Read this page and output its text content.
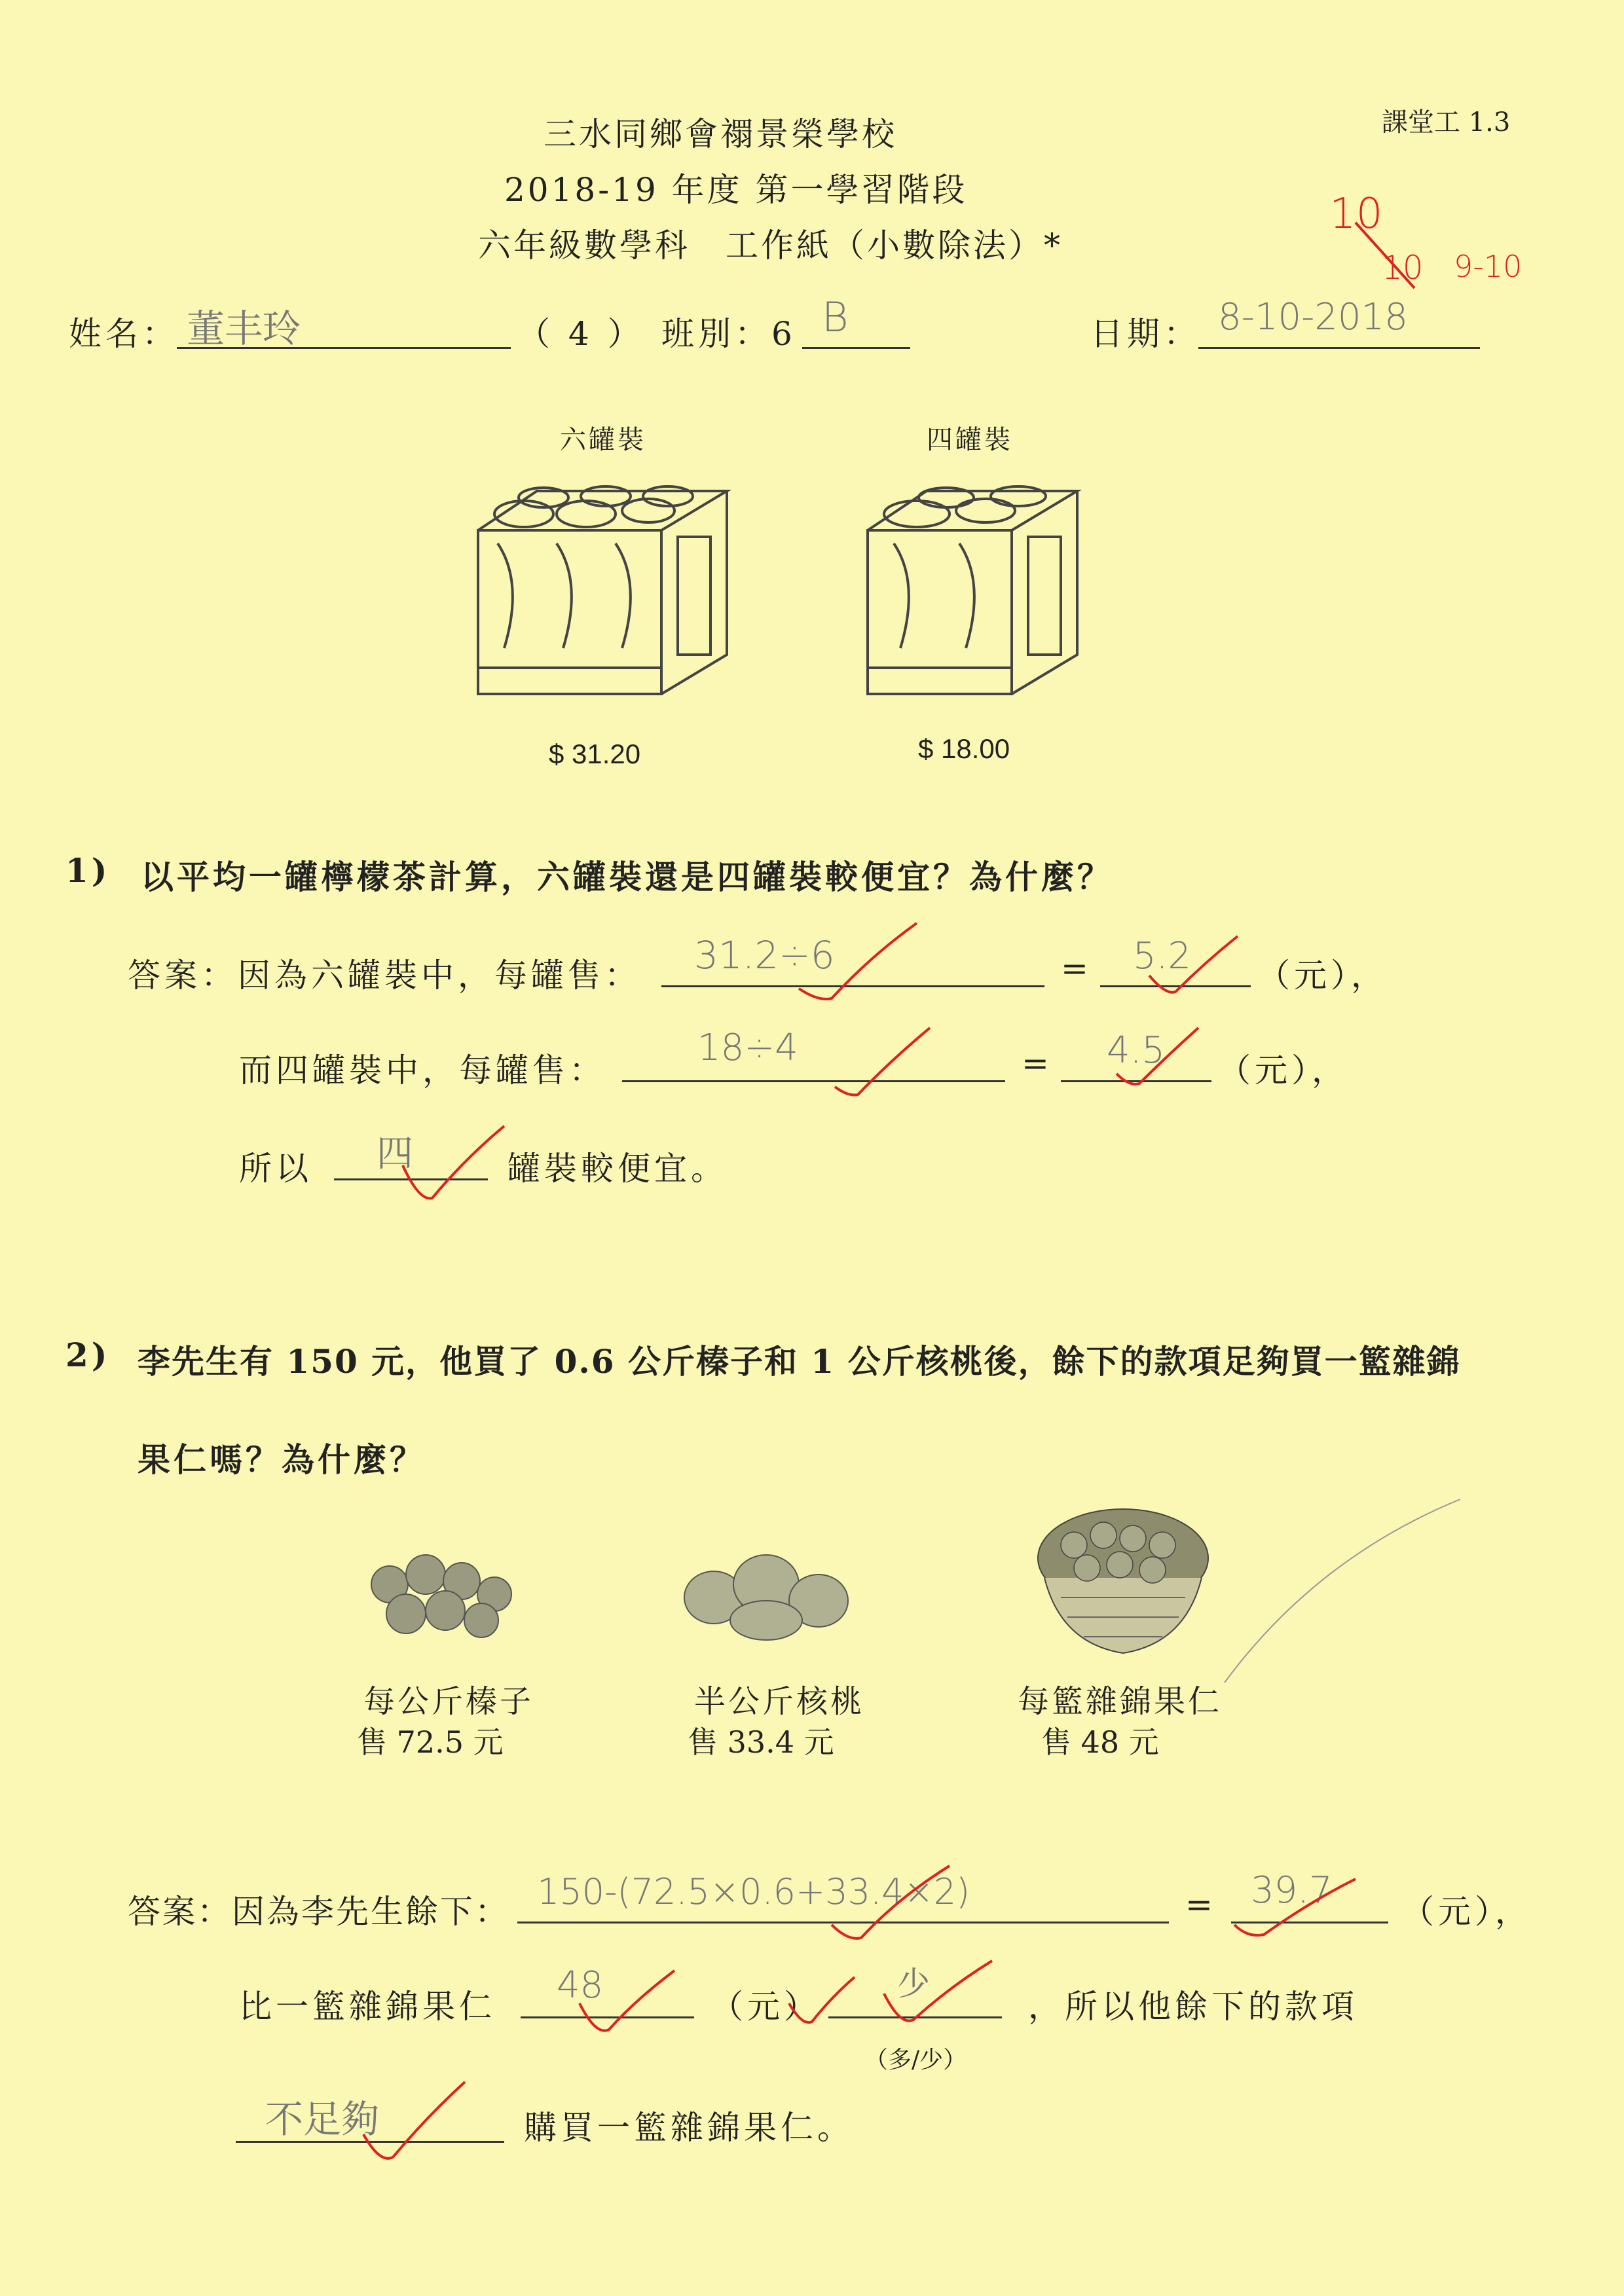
三水同鄉會禤景榮學校
2018-19 年度 第一學習階段
六年級數學科　工作紙（小數除法）*
課堂工 1.3
10
10 9-10
姓名： 董丰玲	（ 4 ） 班別：6 B	日期： 8-10-2018
六罐裝	四罐裝
$ 31.20	$ 18.00
1) 以平均一罐檸檬茶計算，六罐裝還是四罐裝較便宜？為什麼？
答案：因為六罐裝中，每罐售： 31.2÷6	= 5.2 （元），
而四罐裝中，每罐售：
18÷4	= 4.5 （元），
所以 四	罐裝較便宜。
2) 李先生有 150 元，他買了 0.6 公斤榛子和 1 公斤核桃後，餘下的款項足夠買一籃雜錦
果仁嗎？為什麼？
每公斤榛子
售 72.5 元
半公斤核桃
售 33.4 元
每籃雜錦果仁
售 48 元
答案：因為李先生餘下： 150-(72.5×0.6+33.4×2)	= 39.7 （元），
比一籃雜錦果仁 48	（元）
少
，所以他餘下的款項
（多/少）
不足夠	購買一籃雜錦果仁。
